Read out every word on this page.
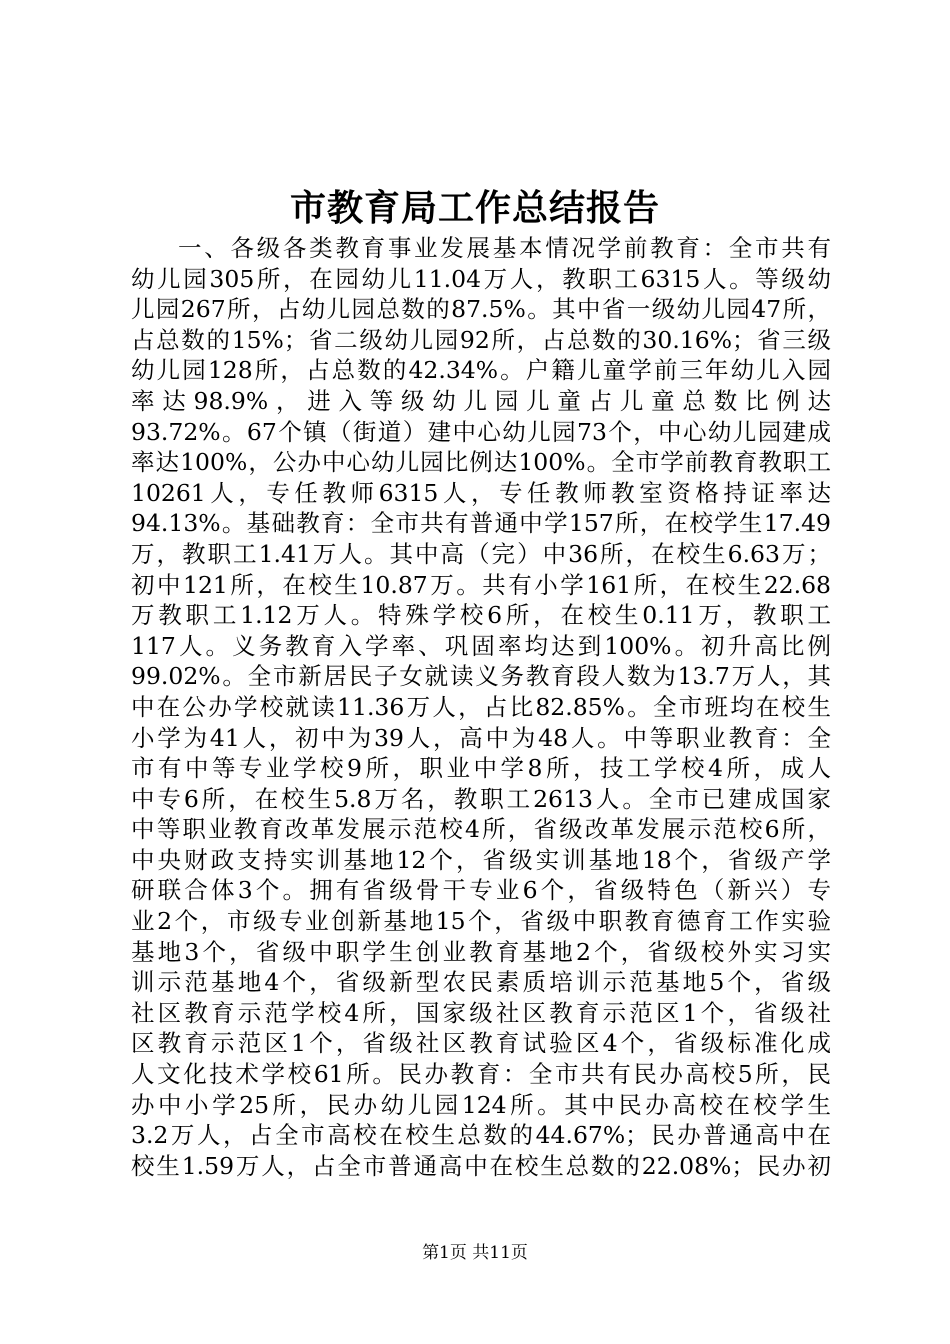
市教育局工作总结报告
一、各级各类教育事业发展基本情况学前教育：全市共有
幼儿园305所，在园幼儿11.04万人，教职工6315人。等级幼
儿园267所，占幼儿园总数的87.5%。其中省一级幼儿园47所，
占总数的15%；省二级幼儿园92所，占总数的30.16%；省三级
幼儿园128所，占总数的42.34%。户籍儿童学前三年幼儿入园
率达98.9%，进入等级幼儿园儿童占儿童总数比例达
93.72%。67个镇（街道）建中心幼儿园73个，中心幼儿园建成
率达100%，公办中心幼儿园比例达100%。全市学前教育教职工
10261人，专任教师6315人，专任教师教室资格持证率达
94.13%。基础教育：全市共有普通中学157所，在校学生17.49
万，教职工1.41万人。其中高（完）中36所，在校生6.63万；
初中121所，在校生10.87万。共有小学161所，在校生22.68
万教职工1.12万人。特殊学校6所，在校生0.11万，教职工
117人。义务教育入学率、巩固率均达到100%。初升高比例
99.02%。全市新居民子女就读义务教育段人数为13.7万人，其
中在公办学校就读11.36万人，占比82.85%。全市班均在校生
小学为41人，初中为39人，高中为48人。中等职业教育：全
市有中等专业学校9所，职业中学8所，技工学校4所，成人
中专6所，在校生5.8万名，教职工2613人。全市已建成国家
中等职业教育改革发展示范校4所，省级改革发展示范校6所，
中央财政支持实训基地12个，省级实训基地18个，省级产学
研联合体3个。拥有省级骨干专业6个，省级特色（新兴）专
业2个，市级专业创新基地15个，省级中职教育德育工作实验
基地3个，省级中职学生创业教育基地2个，省级校外实习实
训示范基地4个，省级新型农民素质培训示范基地5个，省级
社区教育示范学校4所，国家级社区教育示范区1个，省级社
区教育示范区1个，省级社区教育试验区4个，省级标准化成
人文化技术学校61所。民办教育：全市共有民办高校5所，民
办中小学25所，民办幼儿园124所。其中民办高校在校学生
3.2万人，占全市高校在校生总数的44.67%；民办普通高中在
校生1.59万人，占全市普通高中在校生总数的22.08%；民办初
第1页 共11页
